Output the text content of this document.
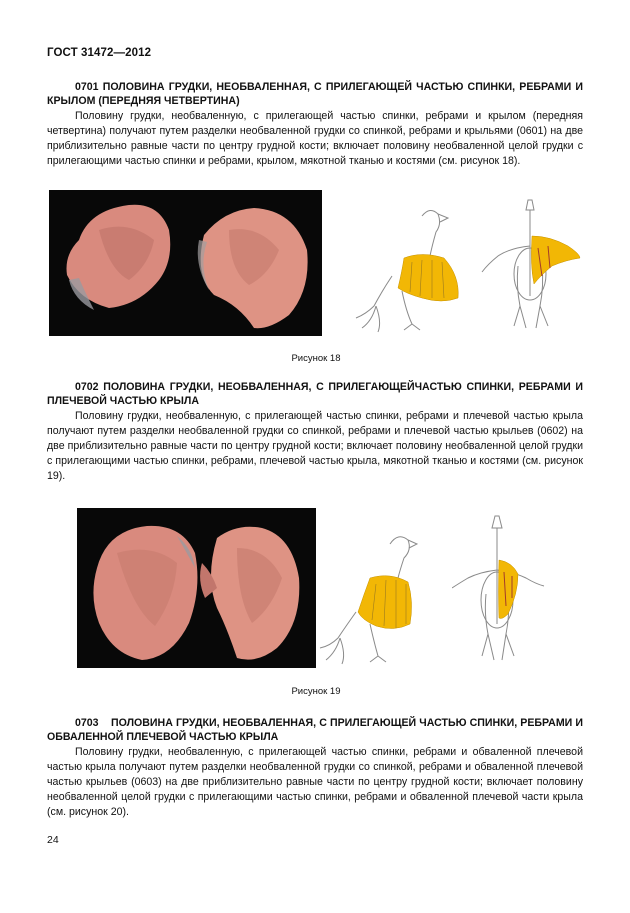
ГОСТ 31472—2012
0701 ПОЛОВИНА ГРУДКИ, НЕОБВАЛЕННАЯ, С ПРИЛЕГАЮЩЕЙ ЧАСТЬЮ СПИНКИ, РЕБРАМИ И КРЫЛОМ (ПЕРЕДНЯЯ ЧЕТВЕРТИНА)
Половину грудки, необваленную, с прилегающей частью спинки, ребрами и крылом (передняя четвертина) получают путем разделки необваленной грудки со спинкой, ребрами и крыльями (0601) на две приблизительно равные части по центру грудной кости; включает половину необваленной целой грудки с прилегающими частью спинки и ребрами, крылом, мякотной тканью и костями (см. рисунок 18).
Рисунок 18
0702 ПОЛОВИНА ГРУДКИ, НЕОБВАЛЕННАЯ, С ПРИЛЕГАЮЩЕЙЧАСТЬЮ СПИНКИ, РЕБРАМИ И ПЛЕЧЕВОЙ ЧАСТЬЮ КРЫЛА
Половину грудки, необваленную, с прилегающей частью спинки, ребрами и плечевой частью крыла получают путем разделки необваленной грудки со спинкой, ребрами и плечевой частью крыльев (0602) на две приблизительно равные части по центру грудной кости; включает половину необваленной целой грудки с прилегающими частью спинки, ребрами, плечевой частью крыла, мякотной тканью и костями (см. рисунок 19).
Рисунок 19
0703    ПОЛОВИНА ГРУДКИ, НЕОБВАЛЕННАЯ, С ПРИЛЕГАЮЩЕЙ ЧАСТЬЮ СПИНКИ, РЕБРАМИ И ОБВАЛЕННОЙ ПЛЕЧЕВОЙ ЧАСТЬЮ КРЫЛА
Половину грудки, необваленную, с прилегающей частью спинки, ребрами и обваленной плечевой частью крыла получают путем разделки необваленной грудки со спинкой, ребрами и обваленной плечевой частью крыльев (0603) на две приблизительно равные части по центру грудной кости; включает половину необваленной целой грудки с прилегающими частью спинки, ребрами и обваленной плечевой части крыла (см. рисунок 20).
24
